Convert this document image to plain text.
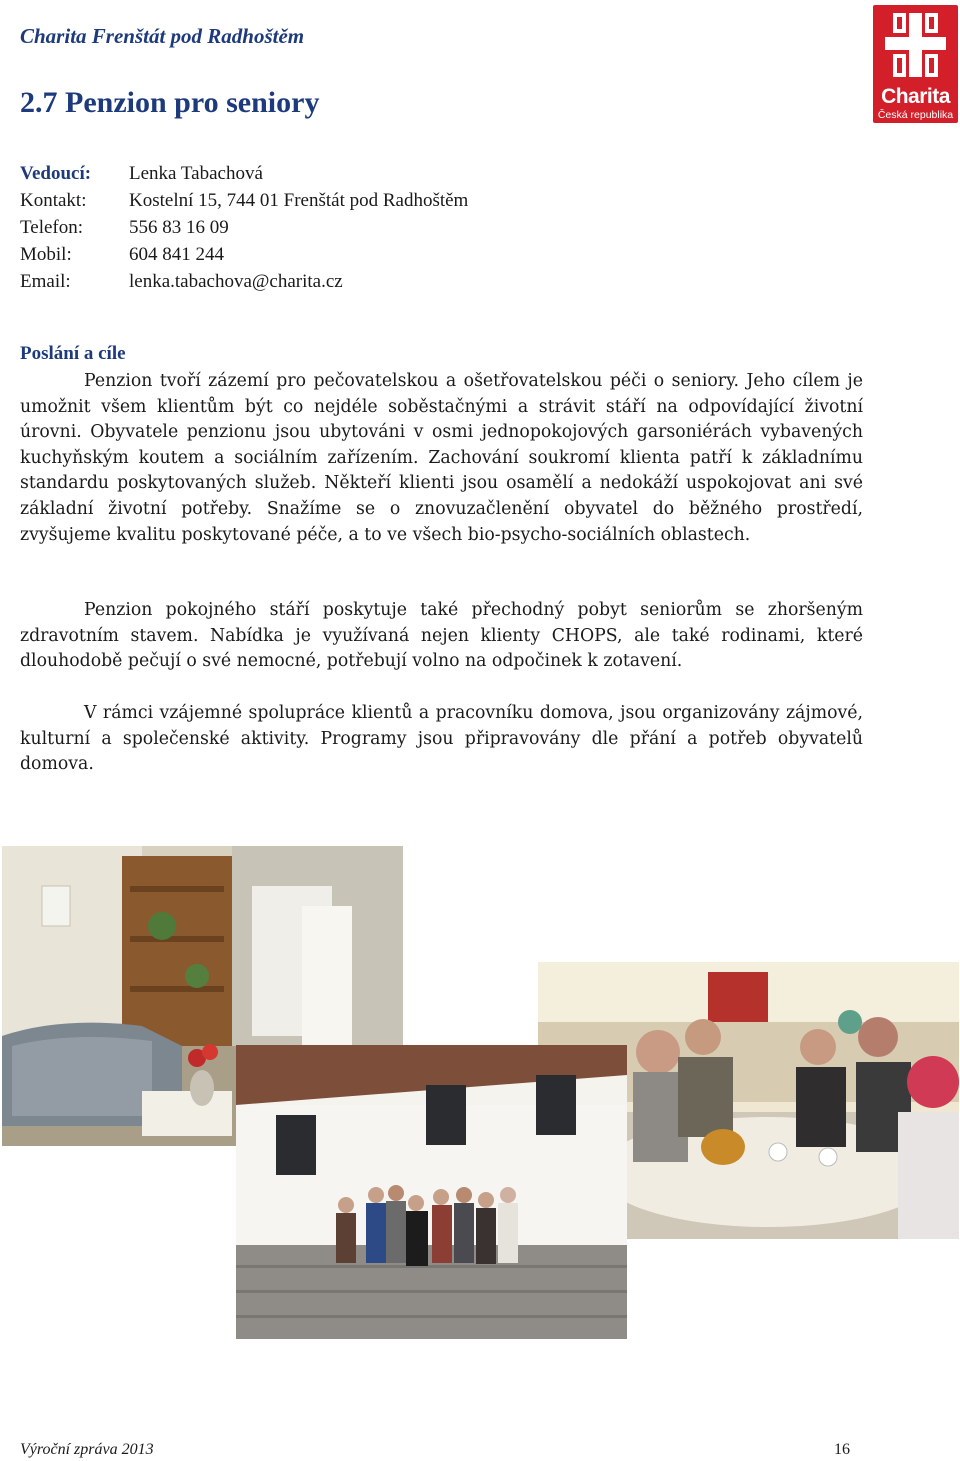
Charita Frenštát pod Radhoštěm
Charita
Česká republika
2.7 Penzion pro seniory
Vedoucí:	Lenka Tabachová
Kontakt:	Kostelní 15, 744 01 Frenštát pod Radhoštěm
Telefon:	556 83 16 09
Mobil:	604 841 244
Email:	lenka.tabachova@charita.cz
Poslání a cíle

Penzion tvoří zázemí pro pečovatelskou a ošetřovatelskou péči o seniory. Jeho cílem je umožnit všem klientům být co nejdéle soběstačnými a strávit stáří na odpovídající životní úrovni. Obyvatele penzionu jsou ubytováni v osmi jednopokojových garsoniérách vybavených kuchyňským koutem a sociálním zařízením. Zachování soukromí klienta patří k základnímu standardu poskytovaných služeb. Někteří klienti jsou osamělí a nedokáží uspokojovat ani své základní životní potřeby. Snažíme se o znovuzačlenění obyvatel do běžného prostředí, zvyšujeme kvalitu poskytované péče, a to ve všech bio-psycho-sociálních oblastech.

Penzion pokojného stáří poskytuje také přechodný pobyt seniorům se zhoršeným zdravotním stavem. Nabídka je využívaná nejen klienty CHOPS, ale také rodinami, které dlouhodobě pečují o své nemocné, potřebují volno na odpočinek k zotavení.

V rámci vzájemné spolupráce klientů a pracovníku domova, jsou organizovány zájmové, kulturní a společenské aktivity. Programy jsou připravovány dle přání a potřeb obyvatelů domova.

Výroční zpráva 2013	16
